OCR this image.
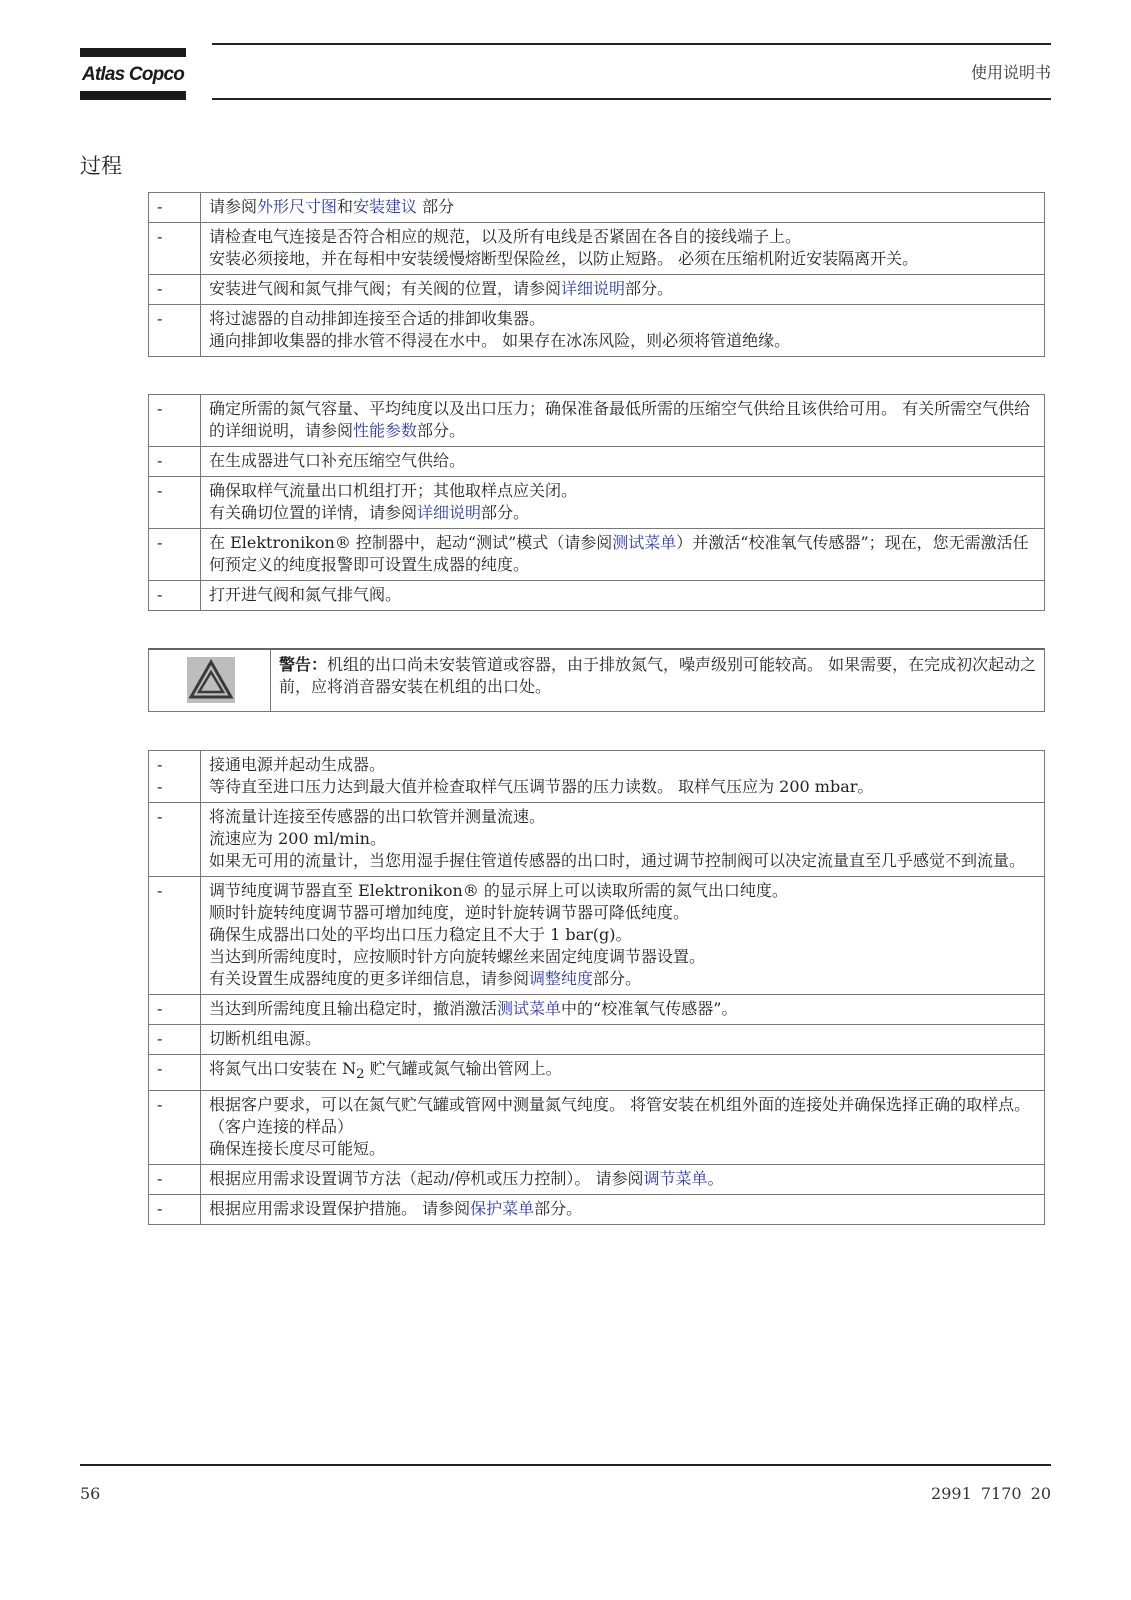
Atlas Copco	使用说明书
过程
-	请参阅外形尺寸图和安装建议 部分

-	请检查电气连接是否符合相应的规范，以及所有电线是否紧固在各自的接线端子上。
安装必须接地，并在每相中安装缓慢熔断型保险丝，以防止短路。 必须在压缩机附近安装隔离开关。

-	安装进气阀和氮气排气阀；有关阀的位置，请参阅详细说明部分。

-	将过滤器的自动排卸连接至合适的排卸收集器。
通向排卸收集器的排水管不得浸在水中。 如果存在冰冻风险，则必须将管道绝缘。
-	确定所需的氮气容量、平均纯度以及出口压力；确保准备最低所需的压缩空气供给且该供给可用。 有关所需空气供给的详细说明，请参阅性能参数部分。

-	在生成器进气口补充压缩空气供给。

-	确保取样气流量出口机组打开；其他取样点应关闭。
有关确切位置的详情，请参阅详细说明部分。

-	在 Elektronikon® 控制器中，起动“测试”模式（请参阅测试菜单）并激活“校准氧气传感器”；现在，您无需激活任何预定义的纯度报警即可设置生成器的纯度。

-	打开进气阀和氮气排气阀。
警告：机组的出口尚未安装管道或容器，由于排放氮气，噪声级别可能较高。 如果需要，在完成初次起动之前，应将消音器安装在机组的出口处。
-
-	接通电源并起动生成器。
等待直至进口压力达到最大值并检查取样气压调节器的压力读数。 取样气压应为 200 mbar。

-	将流量计连接至传感器的出口软管并测量流速。
流速应为 200 ml/min。
如果无可用的流量计，当您用湿手握住管道传感器的出口时，通过调节控制阀可以决定流量直至几乎感觉不到流量。

-	调节纯度调节器直至 Elektronikon® 的显示屏上可以读取所需的氮气出口纯度。
顺时针旋转纯度调节器可增加纯度，逆时针旋转调节器可降低纯度。
确保生成器出口处的平均出口压力稳定且不大于 1 bar(g)。
当达到所需纯度时，应按顺时针方向旋转螺丝来固定纯度调节器设置。
有关设置生成器纯度的更多详细信息，请参阅调整纯度部分。

-	当达到所需纯度且输出稳定时，撤消激活测试菜单中的“校准氧气传感器”。

-	切断机组电源。

-	将氮气出口安装在 $N_2$ 贮气罐或氮气输出管网上。

-	根据客户要求，可以在氮气贮气罐或管网中测量氮气纯度。 将管安装在机组外面的连接处并确保选择正确的取样点。 （客户连接的样品）
确保连接长度尽可能短。

-	根据应用需求设置调节方法（起动/停机或压力控制）。 请参阅调节菜单。

-	根据应用需求设置保护措施。 请参阅保护菜单部分。
56	2991 7170 20
